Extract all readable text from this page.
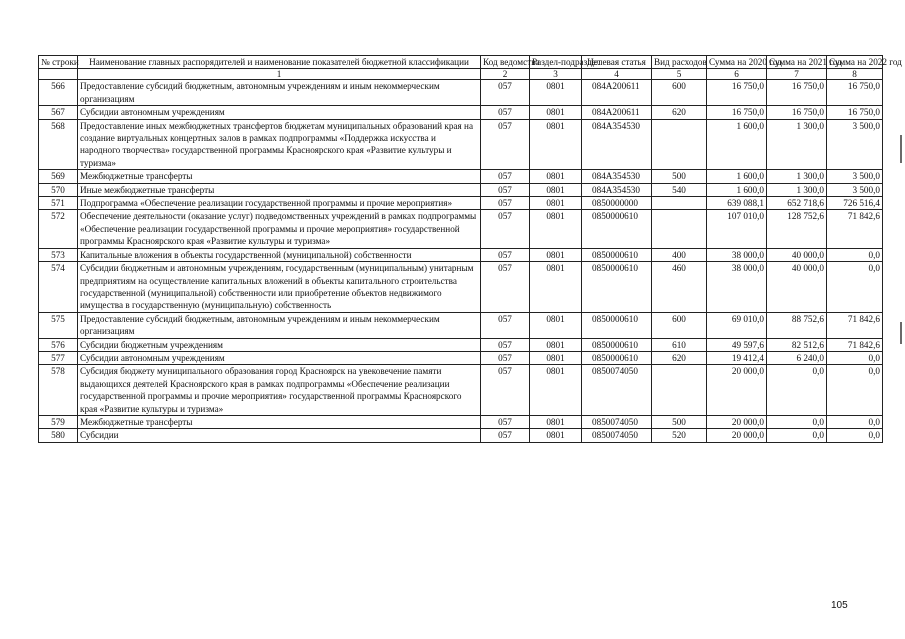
№ строки	Наименование главных распорядителей и наименование показателей бюджетной классификации	Код ведомства	Раздел-подраздел	Целевая статья	Вид расходов	Сумма на 2020 год	Сумма на 2021 год	Сумма на 2022 год
	1	2	3	4	5	6	7	8
566	Предоставление субсидий бюджетным, автономным учреждениям и иным некоммерческим организациям	057	0801	084А200611	600	16 750,0	16 750,0	16 750,0
567	Субсидии автономным учреждениям	057	0801	084А200611	620	16 750,0	16 750,0	16 750,0
568	Предоставление иных межбюджетных трансфертов бюджетам муниципальных образований края на создание виртуальных концертных залов в рамках подпрограммы «Поддержка искусства и народного творчества» государственной программы Красноярского края «Развитие культуры и туризма»	057	0801	084А354530		1 600,0	1 300,0	3 500,0
569	Межбюджетные трансферты	057	0801	084А354530	500	1 600,0	1 300,0	3 500,0
570	Иные межбюджетные трансферты	057	0801	084А354530	540	1 600,0	1 300,0	3 500,0
571	Подпрограмма «Обеспечение реализации государственной программы и прочие мероприятия»	057	0801	0850000000		639 088,1	652 718,6	726 516,4
572	Обеспечение деятельности (оказание услуг) подведомственных учреждений в рамках подпрограммы «Обеспечение реализации государственной программы и прочие мероприятия» государственной программы Красноярского края «Развитие культуры и туризма»	057	0801	0850000610		107 010,0	128 752,6	71 842,6
573	Капитальные вложения в объекты государственной (муниципальной) собственности	057	0801	0850000610	400	38 000,0	40 000,0	0,0
574	Субсидии бюджетным и автономным учреждениям, государственным (муниципальным) унитарным предприятиям на осуществление капитальных вложений в объекты капитального строительства государственной (муниципальной) собственности или приобретение объектов недвижимого имущества в государственную (муниципальную) собственность	057	0801	0850000610	460	38 000,0	40 000,0	0,0
575	Предоставление субсидий бюджетным, автономным учреждениям и иным некоммерческим организациям	057	0801	0850000610	600	69 010,0	88 752,6	71 842,6
576	Субсидии бюджетным учреждениям	057	0801	0850000610	610	49 597,6	82 512,6	71 842,6
577	Субсидии автономным учреждениям	057	0801	0850000610	620	19 412,4	6 240,0	0,0
578	Субсидия бюджету муниципального образования город Красноярск на увековечение памяти выдающихся деятелей Красноярского края в рамках подпрограммы «Обеспечение реализации государственной программы и прочие мероприятия» государственной программы Красноярского края «Развитие культуры и туризма»	057	0801	0850074050		20 000,0	0,0	0,0
579	Межбюджетные трансферты	057	0801	0850074050	500	20 000,0	0,0	0,0
580	Субсидии	057	0801	0850074050	520	20 000,0	0,0	0,0
105
